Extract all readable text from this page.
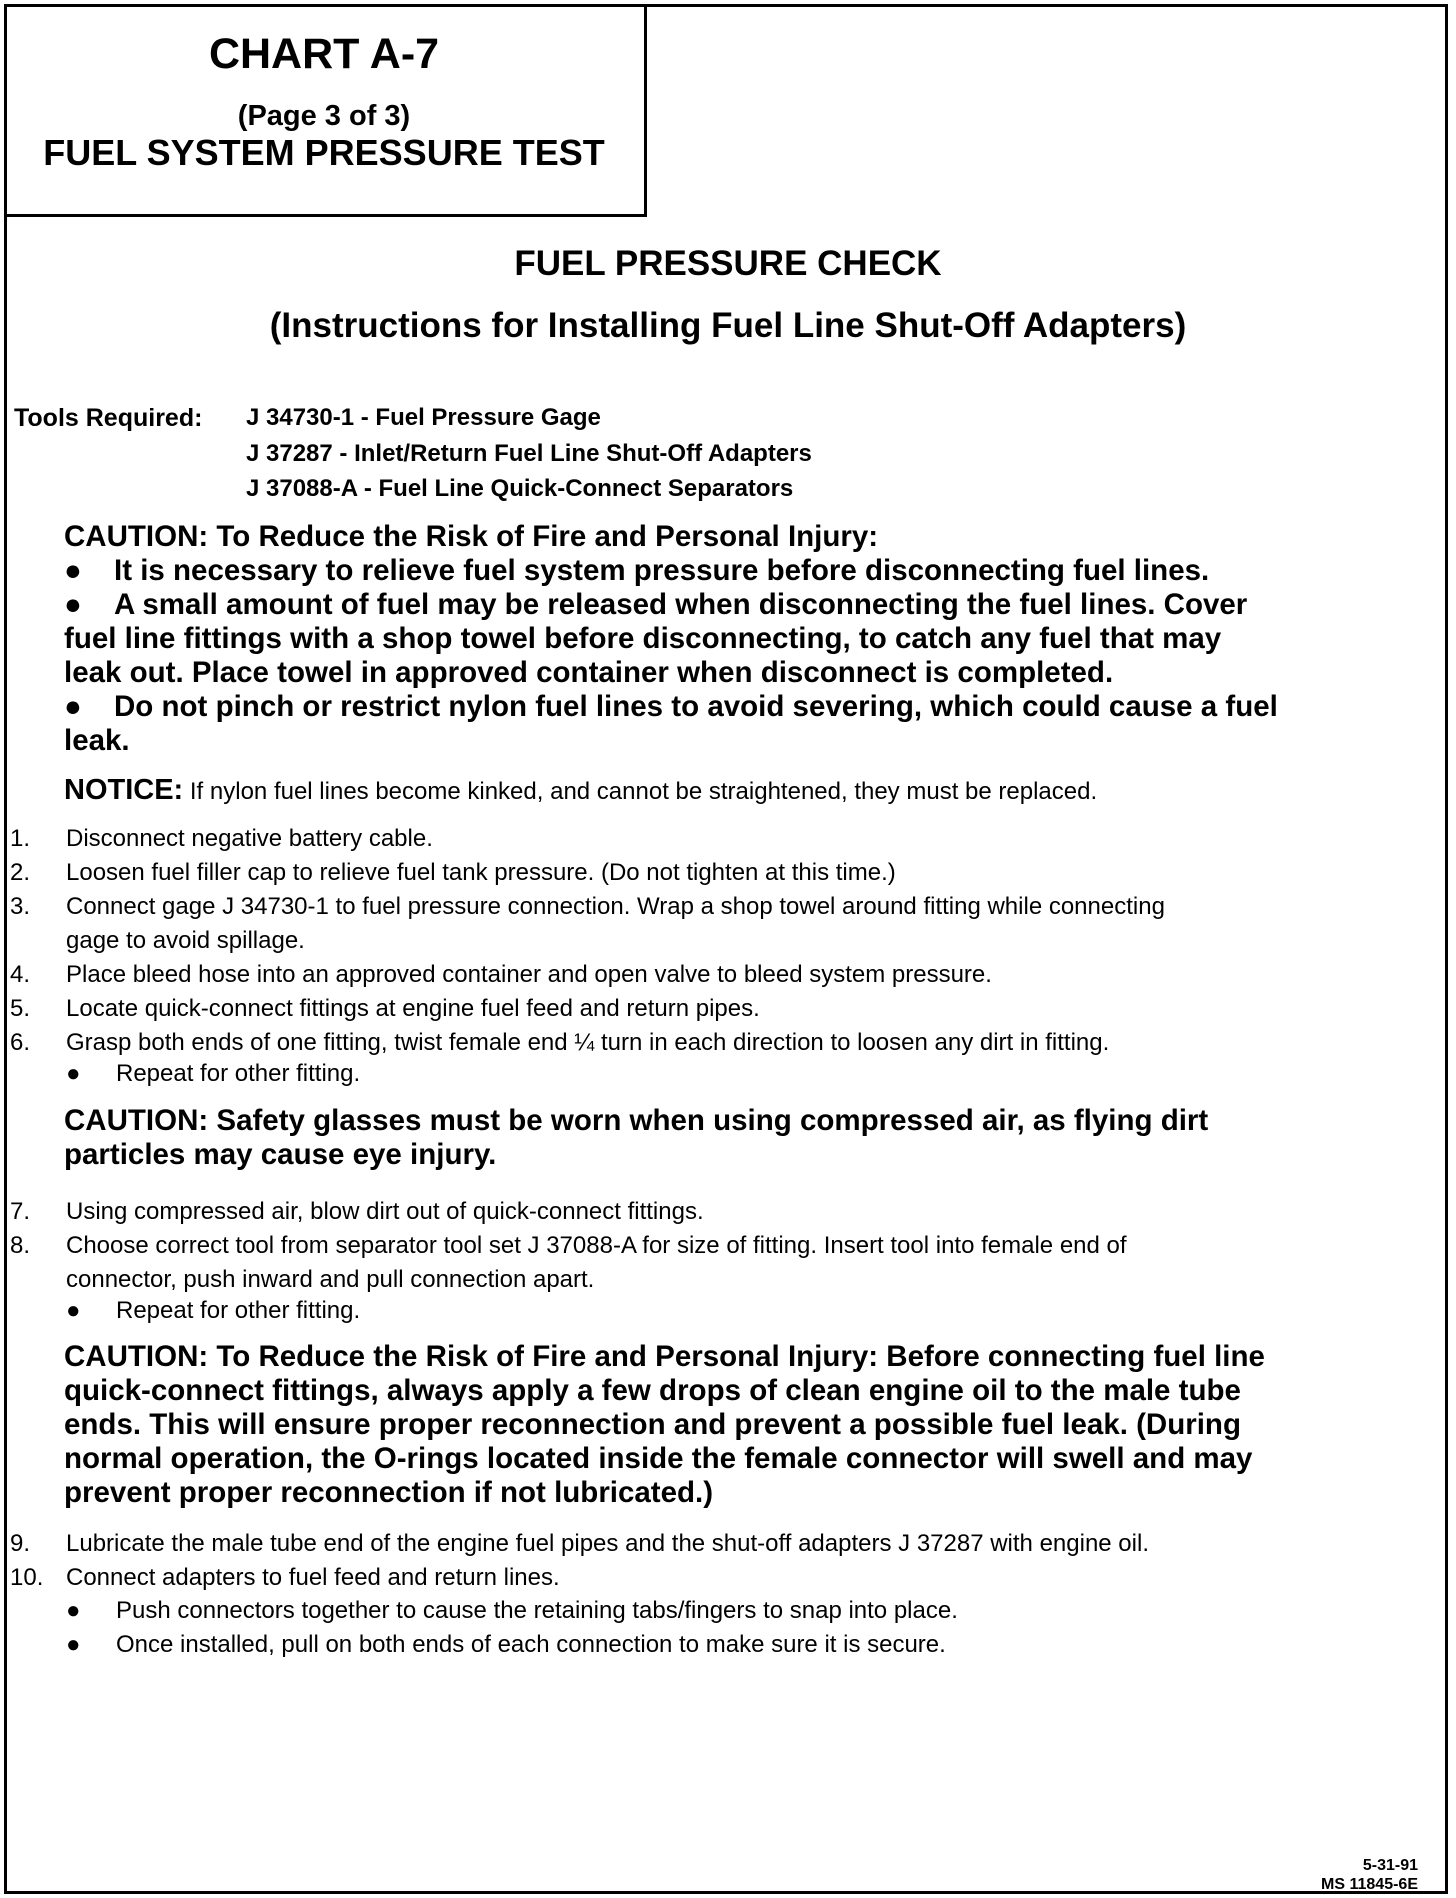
CHART A-7
(Page 3 of 3)
FUEL SYSTEM PRESSURE TEST
FUEL PRESSURE CHECK
(Instructions for Installing Fuel Line Shut-Off Adapters)
Tools Required: J 34730-1 - Fuel Pressure Gage
J 37287 - Inlet/Return Fuel Line Shut-Off Adapters
J 37088-A - Fuel Line Quick-Connect Separators
CAUTION: To Reduce the Risk of Fire and Personal Injury:
● It is necessary to relieve fuel system pressure before disconnecting fuel lines.
● A small amount of fuel may be released when disconnecting the fuel lines. Cover
fuel line fittings with a shop towel before disconnecting, to catch any fuel that may
leak out. Place towel in approved container when disconnect is completed.
● Do not pinch or restrict nylon fuel lines to avoid severing, which could cause a fuel
leak.
NOTICE: If nylon fuel lines become kinked, and cannot be straightened, they must be replaced.
1.	Disconnect negative battery cable.
2.	Loosen fuel filler cap to relieve fuel tank pressure. (Do not tighten at this time.)
3.	Connect gage J 34730-1 to fuel pressure connection. Wrap a shop towel around fitting while connecting
gage to avoid spillage.
4.	Place bleed hose into an approved container and open valve to bleed system pressure.
5.	Locate quick-connect fittings at engine fuel feed and return pipes.
6.	Grasp both ends of one fitting, twist female end ¼ turn in each direction to loosen any dirt in fitting.
● Repeat for other fitting.
CAUTION: Safety glasses must be worn when using compressed air, as flying dirt
particles may cause eye injury.
7.	Using compressed air, blow dirt out of quick-connect fittings.
8.	Choose correct tool from separator tool set J 37088-A for size of fitting. Insert tool into female end of
connector, push inward and pull connection apart.
● Repeat for other fitting.
CAUTION: To Reduce the Risk of Fire and Personal Injury: Before connecting fuel line
quick-connect fittings, always apply a few drops of clean engine oil to the male tube
ends. This will ensure proper reconnection and prevent a possible fuel leak. (During
normal operation, the O-rings located inside the female connector will swell and may
prevent proper reconnection if not lubricated.)
9.	Lubricate the male tube end of the engine fuel pipes and the shut-off adapters J 37287 with engine oil.
10. Connect adapters to fuel feed and return lines.
● Push connectors together to cause the retaining tabs/fingers to snap into place.
● Once installed, pull on both ends of each connection to make sure it is secure.
5-31-91
MS 11845-6E
